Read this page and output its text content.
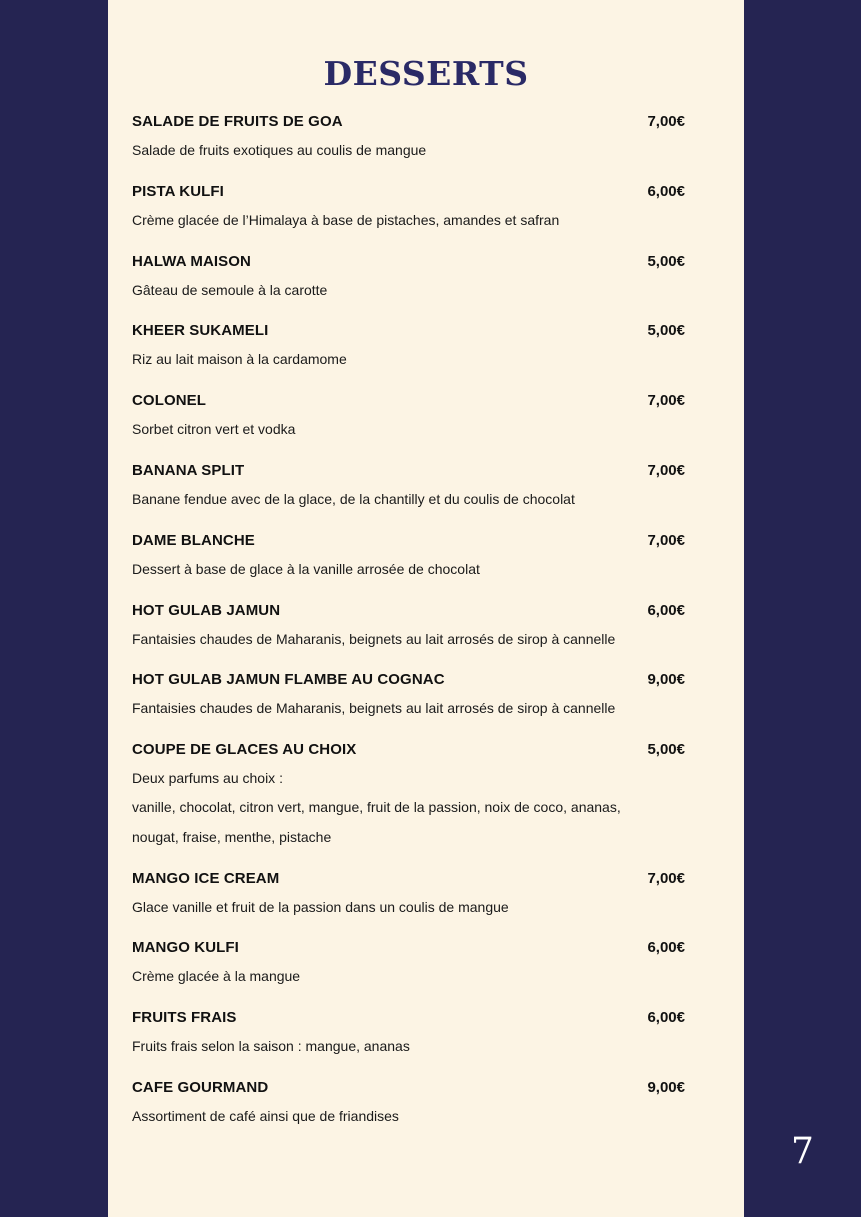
DESSERTS
SALADE DE FRUITS DE GOA	7,00€

Salade de fruits exotiques au coulis de mangue

PISTA KULFI	6,00€

Crème glacée de l’Himalaya à base de pistaches, amandes et safran

HALWA MAISON	5,00€

Gâteau de semoule à la carotte

KHEER SUKAMELI	5,00€

Riz au lait maison à la cardamome

COLONEL	7,00€

Sorbet citron vert et vodka

BANANA SPLIT	7,00€

Banane fendue avec de la glace, de la chantilly et du coulis de chocolat

DAME BLANCHE	7,00€

Dessert à base de glace à la vanille arrosée de chocolat

HOT GULAB JAMUN	6,00€

Fantaisies chaudes de Maharanis, beignets au lait arrosés de sirop à cannelle

HOT GULAB JAMUN FLAMBE AU COGNAC	9,00€

Fantaisies chaudes de Maharanis, beignets au lait arrosés de sirop à cannelle

COUPE DE GLACES AU CHOIX	5,00€

Deux parfums au choix :
vanille, chocolat, citron vert, mangue, fruit de la passion, noix de coco, ananas,
nougat, fraise, menthe, pistache

MANGO ICE CREAM	7,00€

Glace vanille et fruit de la passion dans un coulis de mangue

MANGO KULFI	6,00€

Crème glacée à la mangue

FRUITS FRAIS	6,00€

Fruits frais selon la saison : mangue, ananas

CAFE GOURMAND	9,00€

Assortiment de café ainsi que de friandises

7
